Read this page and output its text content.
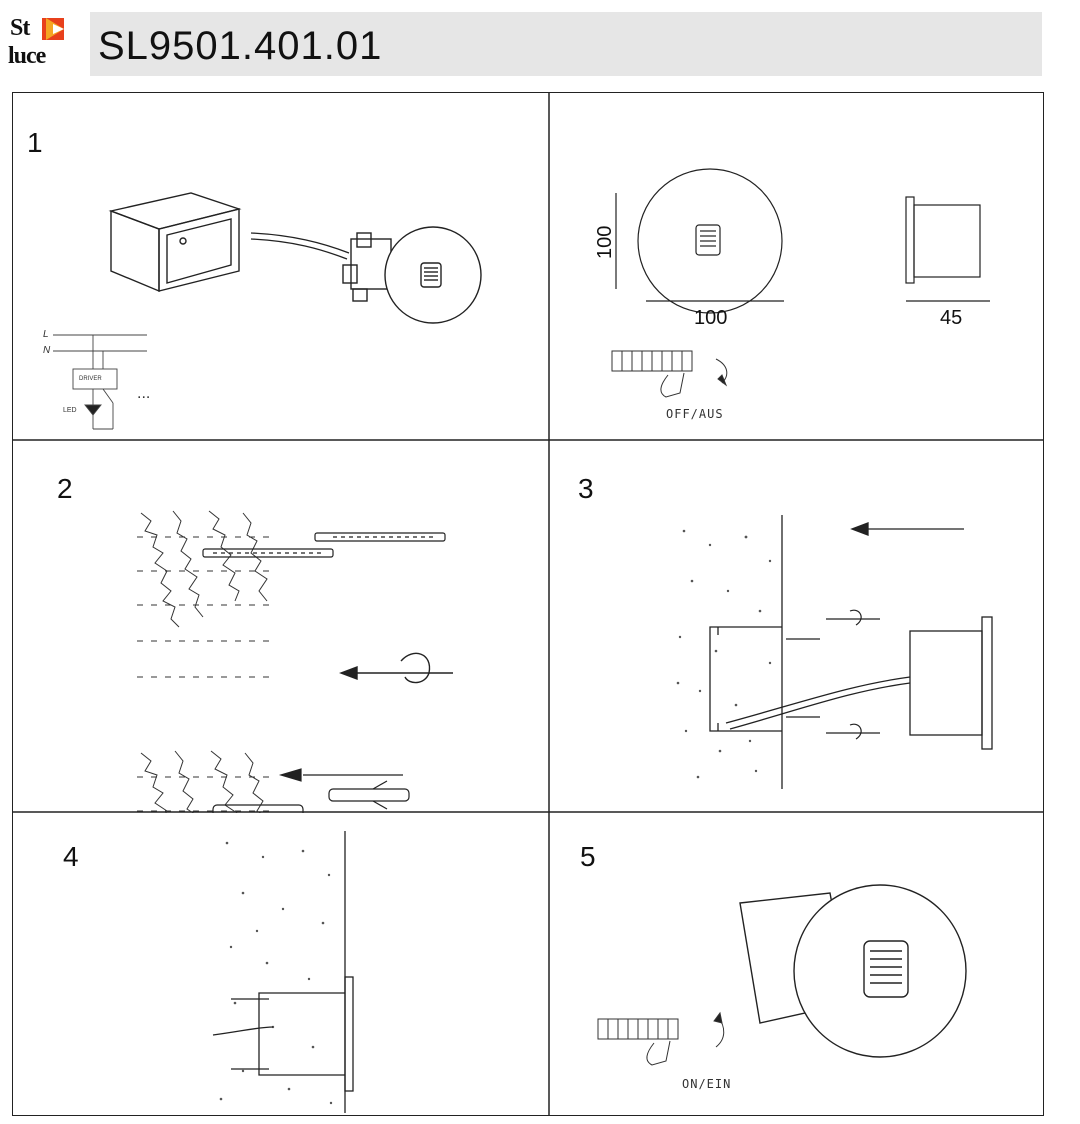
St
luce SL9501.401.01
1
L
N
DRIVER
LED
...
100
100	45
OFF/AUS
2	3
4	5
ON/EIN
